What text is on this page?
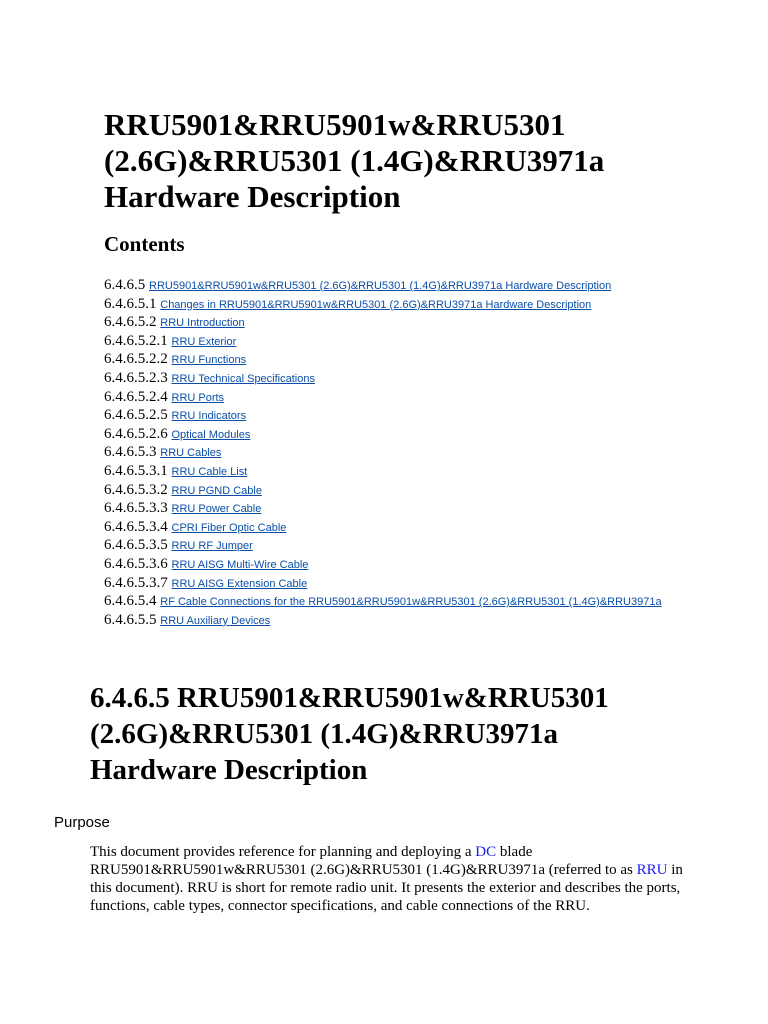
RRU5901&RRU5901w&RRU5301 (2.6G)&RRU5301 (1.4G)&RRU3971a Hardware Description
Contents
6.4.6.5 RRU5901&RRU5901w&RRU5301 (2.6G)&RRU5301 (1.4G)&RRU3971a Hardware Description
6.4.6.5.1 Changes in RRU5901&RRU5901w&RRU5301 (2.6G)&RRU3971a Hardware Description
6.4.6.5.2 RRU Introduction
6.4.6.5.2.1 RRU Exterior
6.4.6.5.2.2 RRU Functions
6.4.6.5.2.3 RRU Technical Specifications
6.4.6.5.2.4 RRU Ports
6.4.6.5.2.5 RRU Indicators
6.4.6.5.2.6 Optical Modules
6.4.6.5.3 RRU Cables
6.4.6.5.3.1 RRU Cable List
6.4.6.5.3.2 RRU PGND Cable
6.4.6.5.3.3 RRU Power Cable
6.4.6.5.3.4 CPRI Fiber Optic Cable
6.4.6.5.3.5 RRU RF Jumper
6.4.6.5.3.6 RRU AISG Multi-Wire Cable
6.4.6.5.3.7 RRU AISG Extension Cable
6.4.6.5.4 RF Cable Connections for the RRU5901&RRU5901w&RRU5301 (2.6G)&RRU5301 (1.4G)&RRU3971a
6.4.6.5.5 RRU Auxiliary Devices
6.4.6.5 RRU5901&RRU5901w&RRU5301 (2.6G)&RRU5301 (1.4G)&RRU3971a Hardware Description
Purpose

This document provides reference for planning and deploying a DC blade RRU5901&RRU5901w&RRU5301 (2.6G)&RRU5301 (1.4G)&RRU3971a (referred to as RRU in this document). RRU is short for remote radio unit. It presents the exterior and describes the ports, functions, cable types, connector specifications, and cable connections of the RRU.
